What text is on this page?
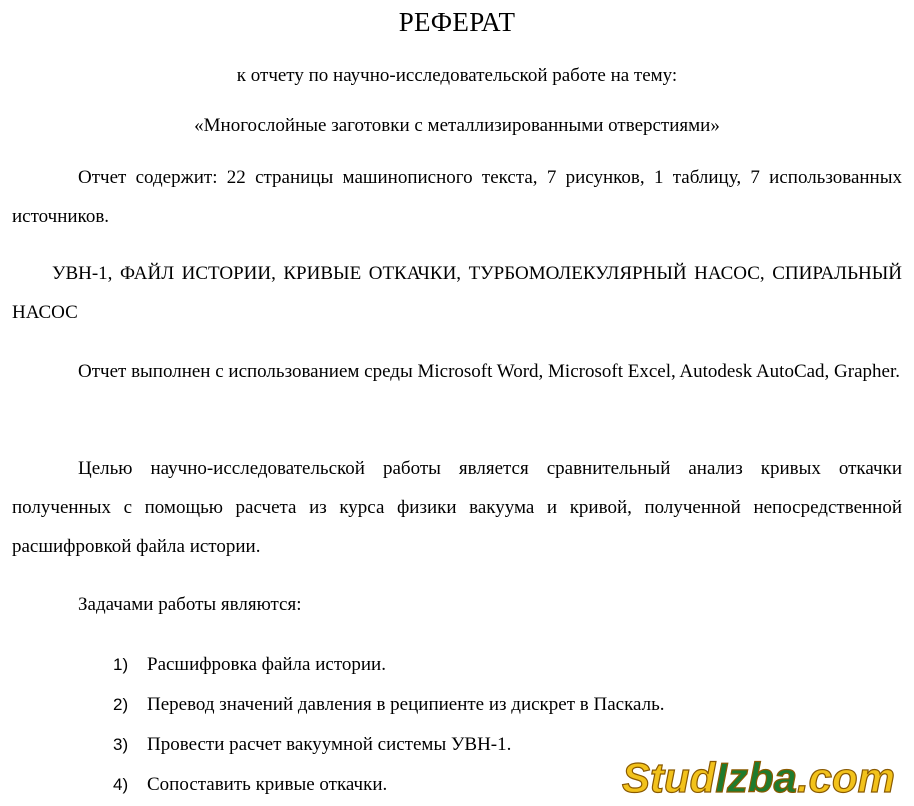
РЕФЕРАТ
к отчету по научно-исследовательской работе на тему:
«Многослойные заготовки с металлизированными отверстиями»
Отчет содержит: 22 страницы машинописного текста, 7 рисунков, 1 таблицу, 7 использованных источников.
УВН-1, ФАЙЛ ИСТОРИИ, КРИВЫЕ ОТКАЧКИ, ТУРБОМОЛЕКУЛЯРНЫЙ НАСОС, СПИРАЛЬНЫЙ НАСОС
Отчет выполнен с использованием среды Microsoft Word, Microsoft Excel, Autodesk AutoCad, Grapher.
Целью научно-исследовательской работы является сравнительный анализ кривых откачки полученных с помощью расчета из курса физики вакуума и кривой, полученной непосредственной расшифровкой файла истории.
Задачами работы являются:
1) Расшифровка файла истории.
2) Перевод значений давления в реципиенте из дискрет в Паскаль.
3) Провести расчет вакуумной системы УВН-1.
4) Сопоставить кривые откачки.	StudIzba.com
